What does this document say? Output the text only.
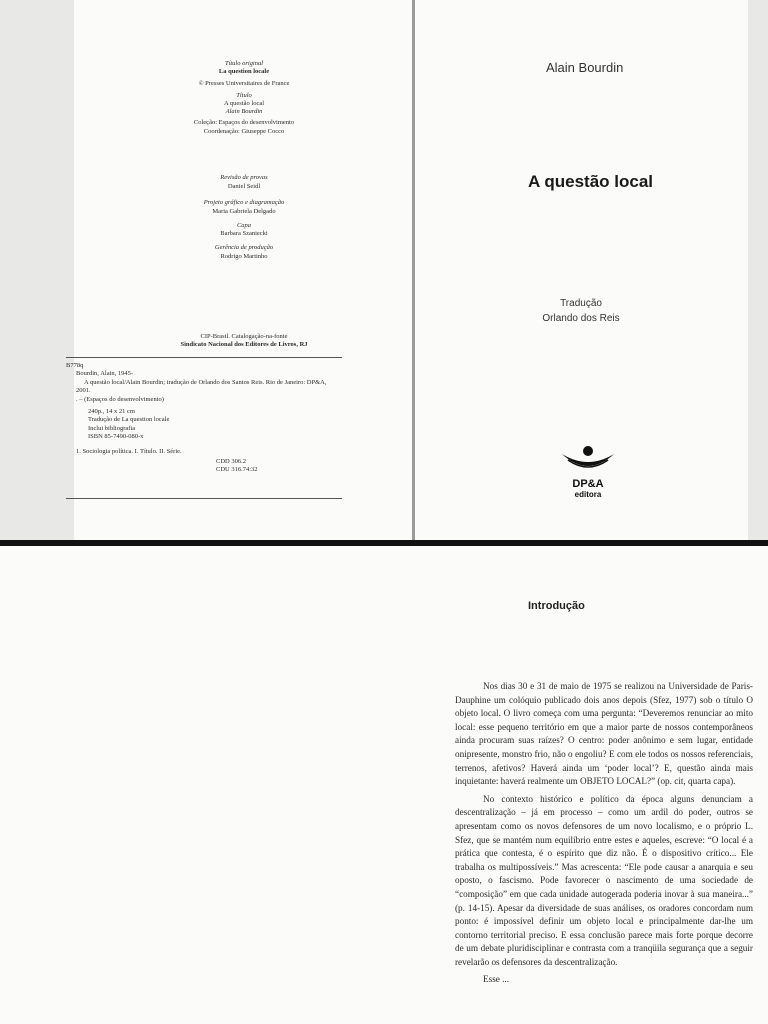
Título original
La question locale
© Presses Universitaires de France
Título
A questão local
Alain Bourdin
Coleção: Espaços do desenvolvimento
Coordenação: Giuseppe Cocco
Revisão de provas
Daniel Seidl
Projeto gráfico e diagramação
Maria Gabriela Delgado
Capa
Barbara Szaniecki
Gerência de produção
Rodrigo Martinho
CIP-Brasil. Catalogação-na-fonte
Sindicato Nacional dos Editores de Livros, RJ

B778q

Bourdin, Alain, 1945-

A questão local/Alain Bourdin; tradução de Orlando dos Santos Reis. Rio de Janeiro: DP&A, 2001.

. – (Espaços do desenvolvimento)

240p., 14 x 21 cm

Tradução de La question locale

Inclui bibliografia

ISBN 85-7490-080-x

1. Sociologia política. I. Título. II. Série.

CDD 306.2

CDU 316.74:32

Alain Bourdin
A questão local
Tradução
Orlando dos Reis
DP&A
editora
Introdução

Nos dias 30 e 31 de maio de 1975 se realizou na Universidade de Paris-Dauphine um colóquio publicado dois anos depois (Sfez, 1977) sob o título O objeto local. O livro começa com uma pergunta: “Deveremos renunciar ao mito local: esse pequeno território em que a maior parte de nossos contemporâneos ainda procuram suas raízes? O centro: poder anônimo e sem lugar, entidade onipresente, monstro frio, não o engoliu? E com ele todos os nossos referenciais, terrenos, afetivos? Haverá ainda um ‘poder local’? E, questão ainda mais inquietante: haverá realmente um OBJETO LOCAL?” (op. cit, quarta capa).

No contexto histórico e político da época alguns denunciam a descentralização – já em processo – como um ardil do poder, outros se apresentam como os novos defensores de um novo localismo, e o próprio L. Sfez, que se mantém num equilíbrio entre estes e aqueles, escreve: “O local é a prática que contesta, é o espírito que diz não. É o dispositivo crítico... Ele trabalha os multipossíveis.” Mas acrescenta: “Ele pode causar a anarquia e seu oposto, o fascismo. Pode favorecer o nascimento de uma sociedade de “composição” em que cada unidade autogerada poderia inovar à sua maneira...” (p. 14-15). Apesar da diversidade de suas análises, os oradores concordam num ponto: é impossível definir um objeto local e principalmente dar-lhe um contorno territorial preciso. E essa conclusão parece mais forte porque decorre de um debate pluridisciplinar e contrasta com a tranqüila segurança que a seguir revelarão os defensores da descentralização.

Esse ...
